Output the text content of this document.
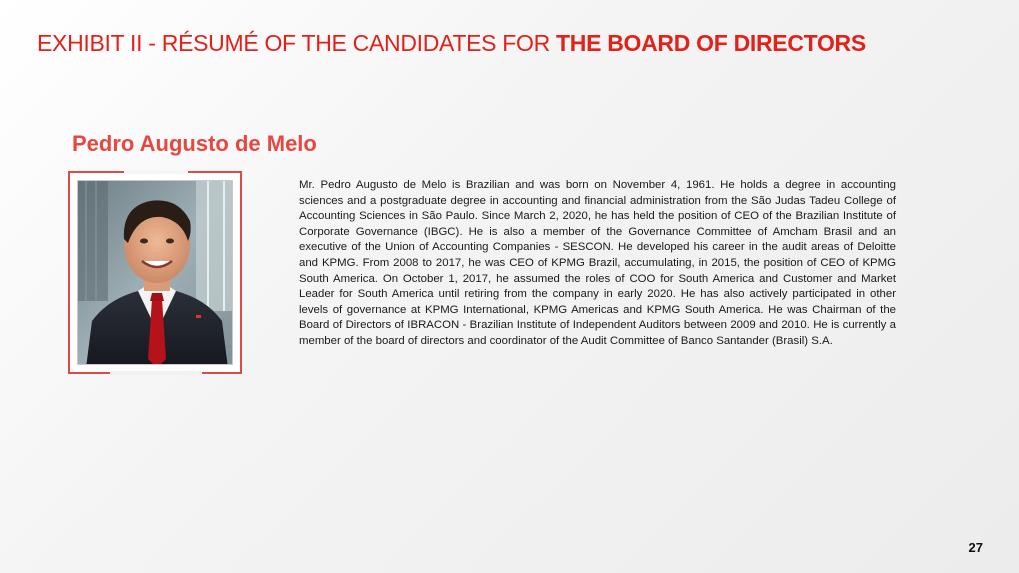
EXHIBIT II - RÉSUMÉ OF THE CANDIDATES FOR THE BOARD OF DIRECTORS
Pedro Augusto de Melo

Mr. Pedro Augusto de Melo is Brazilian and was born on November 4, 1961. He holds a degree in accounting sciences and a postgraduate degree in accounting and financial administration from the São Judas Tadeu College of Accounting Sciences in São Paulo. Since March 2, 2020, he has held the position of CEO of the Brazilian Institute of Corporate Governance (IBGC). He is also a member of the Governance Committee of Amcham Brasil and an executive of the Union of Accounting Companies - SESCON. He developed his career in the audit areas of Deloitte and KPMG. From 2008 to 2017, he was CEO of KPMG Brazil, accumulating, in 2015, the position of CEO of KPMG South America. On October 1, 2017, he assumed the roles of COO for South America and Customer and Market Leader for South America until retiring from the company in early 2020. He has also actively participated in other levels of governance at KPMG International, KPMG Americas and KPMG South America. He was Chairman of the Board of Directors of IBRACON - Brazilian Institute of Independent Auditors between 2009 and 2010. He is currently a member of the board of directors and coordinator of the Audit Committee of Banco Santander (Brasil) S.A.

27
